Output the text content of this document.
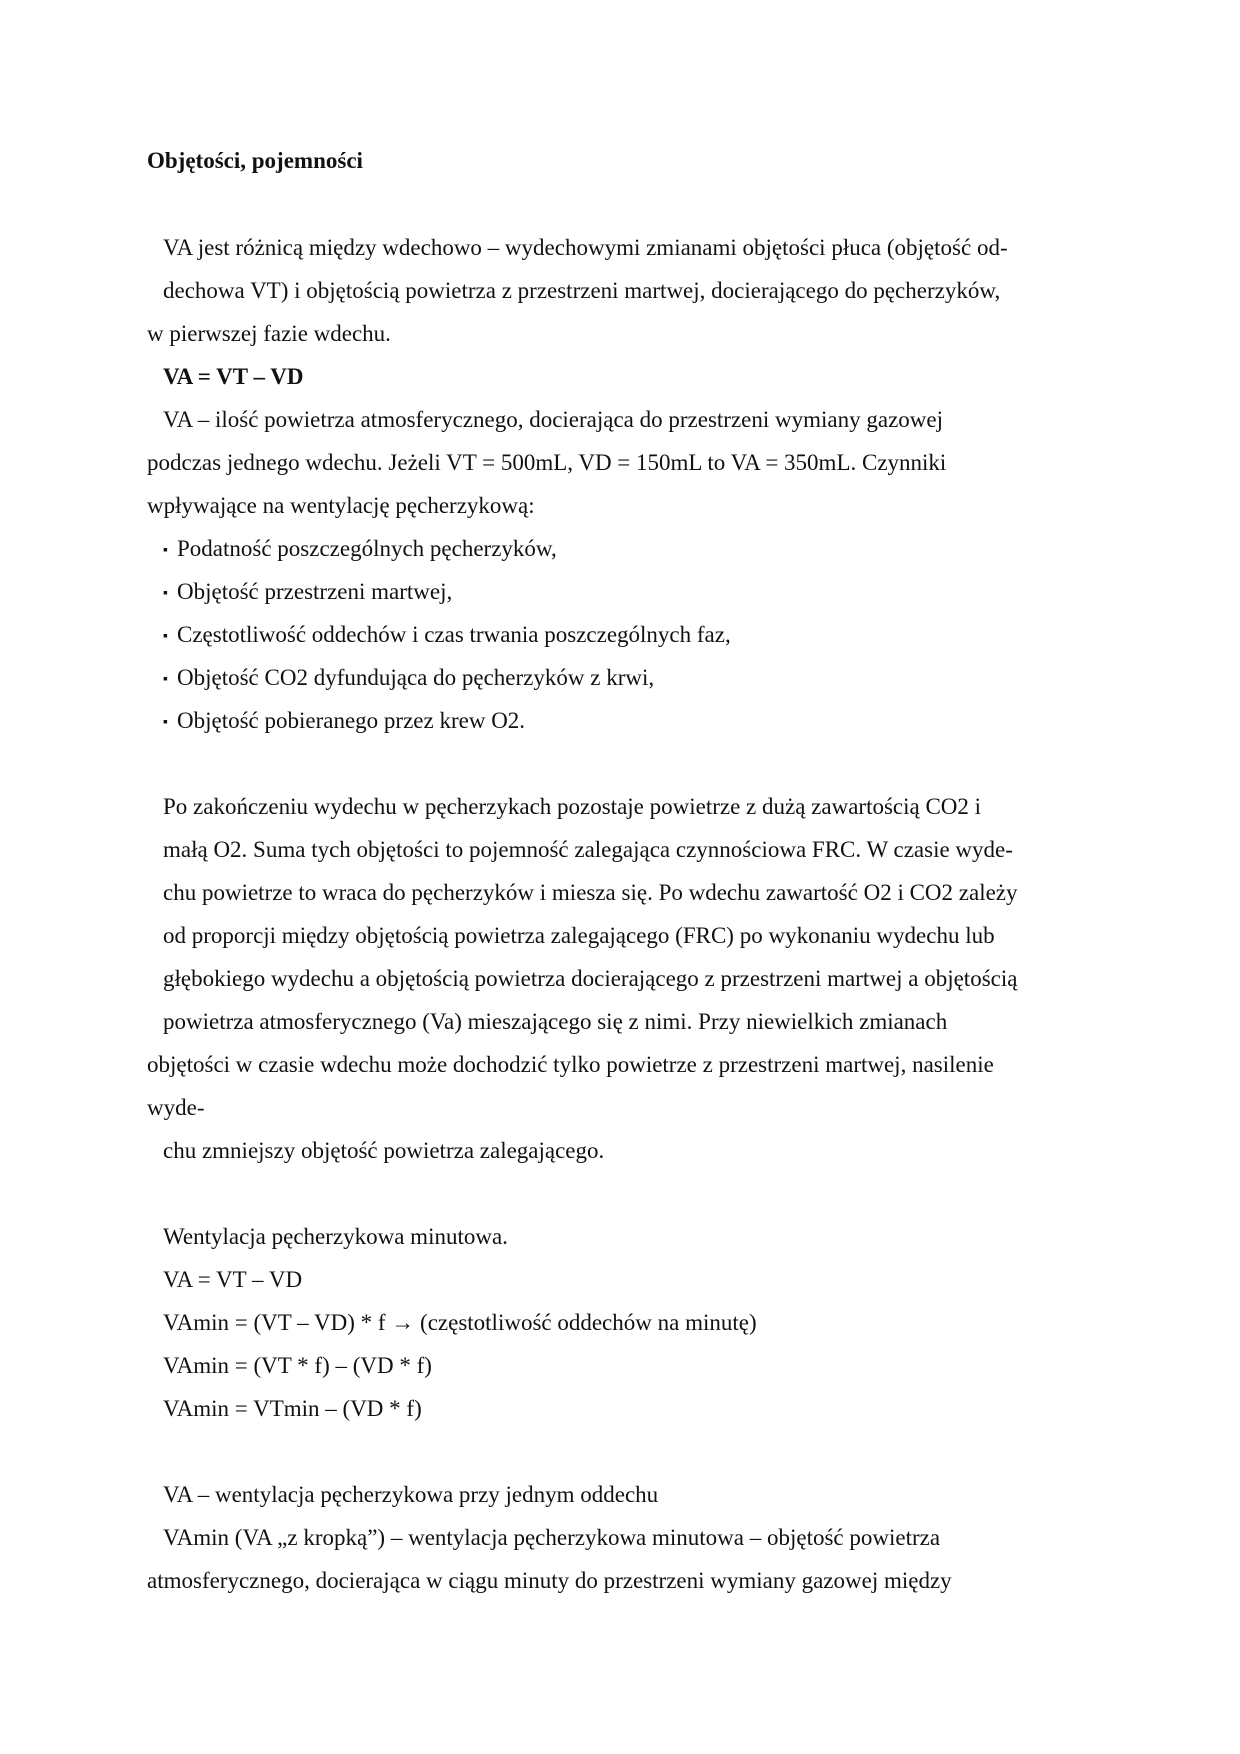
Objętości, pojemności
VA jest różnicą między wdechowo – wydechowymi zmianami objętości płuca (objętość od-
dechowa VT) i objętością powietrza z przestrzeni martwej, docierającego do pęcherzyków,
w pierwszej fazie wdechu.
VA = VT – VD
VA – ilość powietrza atmosferycznego, docierająca do przestrzeni wymiany gazowej
podczas jednego wdechu. Jeżeli VT = 500mL, VD = 150mL to VA = 350mL. Czynniki
wpływające na wentylację pęcherzykową:
▪ Podatność poszczególnych pęcherzyków,
▪ Objętość przestrzeni martwej,
▪ Częstotliwość oddechów i czas trwania poszczególnych faz,
▪ Objętość CO2 dyfundująca do pęcherzyków z krwi,
▪ Objętość pobieranego przez krew O2.
Po zakończeniu wydechu w pęcherzykach pozostaje powietrze z dużą zawartością CO2 i
małą O2. Suma tych objętości to pojemność zalegająca czynnościowa FRC. W czasie wyde-
chu powietrze to wraca do pęcherzyków i miesza się. Po wdechu zawartość O2 i CO2 zależy
od proporcji między objętością powietrza zalegającego (FRC) po wykonaniu wydechu lub
głębokiego wydechu a objętością powietrza docierającego z przestrzeni martwej a objętością
powietrza atmosferycznego (Va) mieszającego się z nimi. Przy niewielkich zmianach
objętości w czasie wdechu może dochodzić tylko powietrze z przestrzeni martwej, nasilenie
wyde-
chu zmniejszy objętość powietrza zalegającego.
Wentylacja pęcherzykowa minutowa.
VA = VT – VD
VAmin = (VT – VD) * f → (częstotliwość oddechów na minutę)
VAmin = (VT * f) – (VD * f)
VAmin = VTmin – (VD * f)
VA – wentylacja pęcherzykowa przy jednym oddechu
VAmin (VA „z kropką”) – wentylacja pęcherzykowa minutowa – objętość powietrza
atmosferycznego, docierająca w ciągu minuty do przestrzeni wymiany gazowej między
